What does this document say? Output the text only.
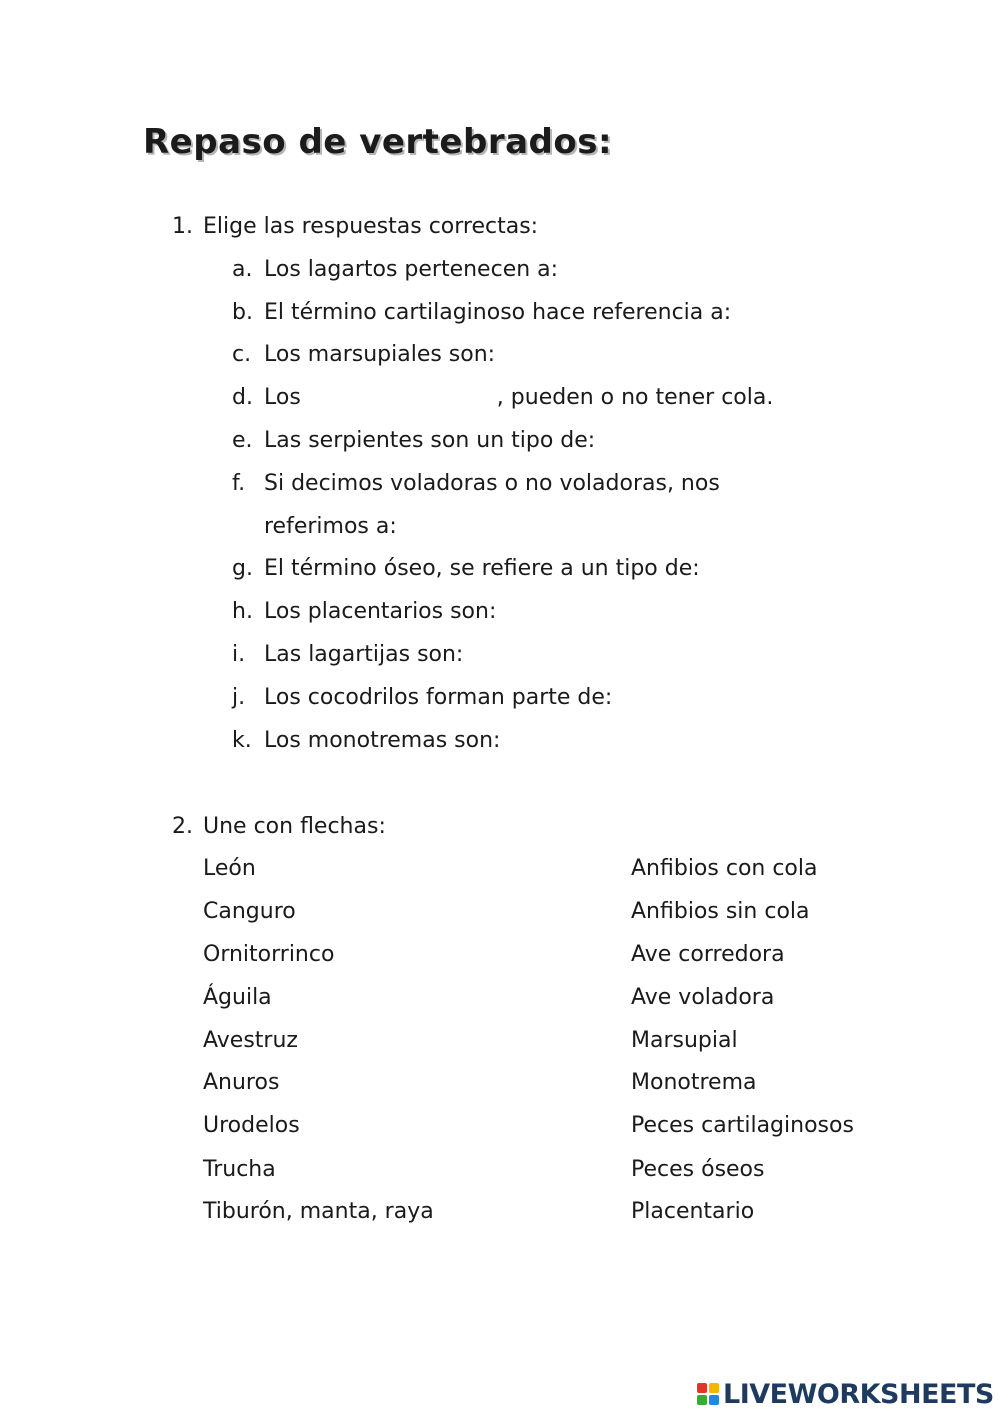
Repaso de vertebrados:
1. Elige las respuestas correctas:
a. Los lagartos pertenecen a:
b. El término cartilaginoso hace referencia a:
c. Los marsupiales son:
d. Los	, pueden o no tener cola.
e. Las serpientes son un tipo de:
f. Si decimos voladoras o no voladoras, nos
referimos a:
g. El término óseo, se refiere a un tipo de:
h. Los placentarios son:
i. Las lagartijas son:
j. Los cocodrilos forman parte de:
k. Los monotremas son:
2. Une con flechas:
León
Canguro
Ornitorrinco
Águila
Avestruz
Anuros
Urodelos
Trucha
Tiburón, manta, raya
Anfibios con cola
Anfibios sin cola
Ave corredora
Ave voladora
Marsupial
Monotrema
Peces cartilaginosos
Peces óseos
Placentario
LIVEWORKSHEETS
